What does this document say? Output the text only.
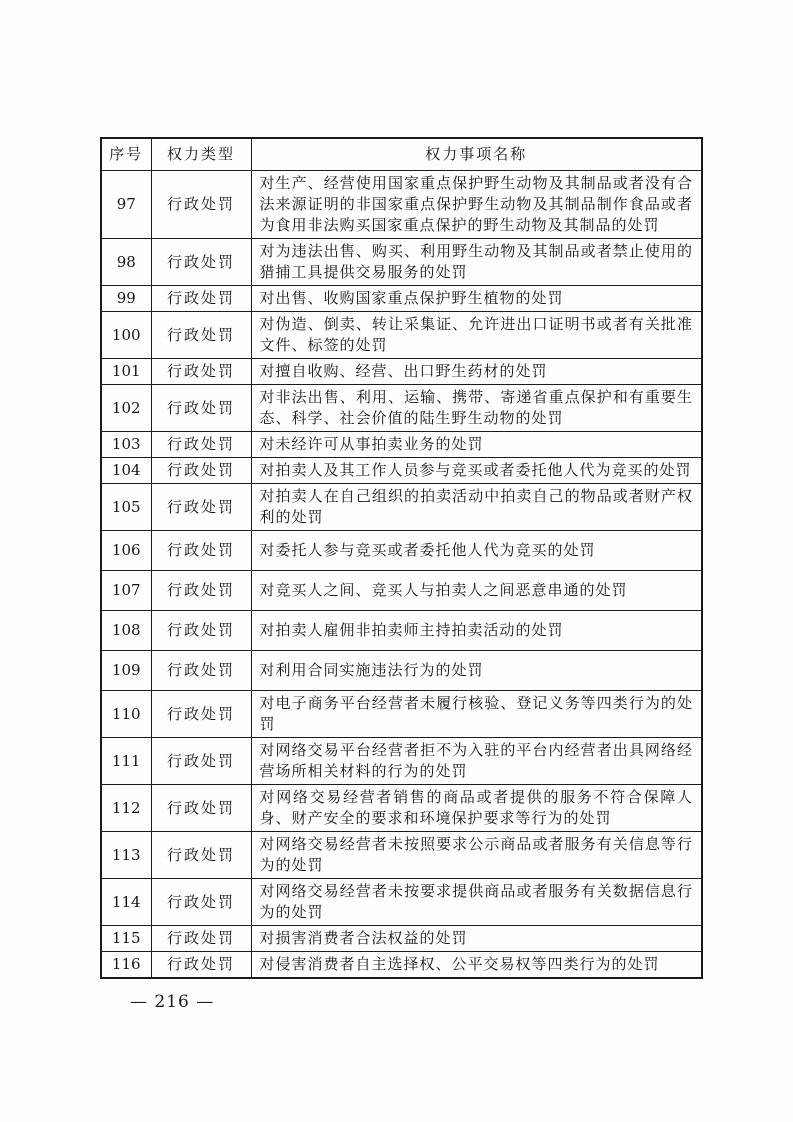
序号	权力类型	权力事项名称
97	行政处罚	对生产、经营使用国家重点保护野生动物及其制品或者没有合法来源证明的非国家重点保护野生动物及其制品制作食品或者为食用非法购买国家重点保护的野生动物及其制品的处罚
98	行政处罚	对为违法出售、购买、利用野生动物及其制品或者禁止使用的猎捕工具提供交易服务的处罚
99	行政处罚	对出售、收购国家重点保护野生植物的处罚
100	行政处罚	对伪造、倒卖、转让采集证、允许进出口证明书或者有关批准文件、标签的处罚
101	行政处罚	对擅自收购、经营、出口野生药材的处罚
102	行政处罚	对非法出售、利用、运输、携带、寄递省重点保护和有重要生态、科学、社会价值的陆生野生动物的处罚
103	行政处罚	对未经许可从事拍卖业务的处罚
104	行政处罚	对拍卖人及其工作人员参与竞买或者委托他人代为竞买的处罚
105	行政处罚	对拍卖人在自己组织的拍卖活动中拍卖自己的物品或者财产权利的处罚
106	行政处罚	对委托人参与竞买或者委托他人代为竞买的处罚
107	行政处罚	对竞买人之间、竞买人与拍卖人之间恶意串通的处罚
108	行政处罚	对拍卖人雇佣非拍卖师主持拍卖活动的处罚
109	行政处罚	对利用合同实施违法行为的处罚
110	行政处罚	对电子商务平台经营者未履行核验、登记义务等四类行为的处罚
111	行政处罚	对网络交易平台经营者拒不为入驻的平台内经营者出具网络经营场所相关材料的行为的处罚
112	行政处罚	对网络交易经营者销售的商品或者提供的服务不符合保障人身、财产安全的要求和环境保护要求等行为的处罚
113	行政处罚	对网络交易经营者未按照要求公示商品或者服务有关信息等行为的处罚
114	行政处罚	对网络交易经营者未按要求提供商品或者服务有关数据信息行为的处罚
115	行政处罚	对损害消费者合法权益的处罚
116	行政处罚	对侵害消费者自主选择权、公平交易权等四类行为的处罚
— 216 —
